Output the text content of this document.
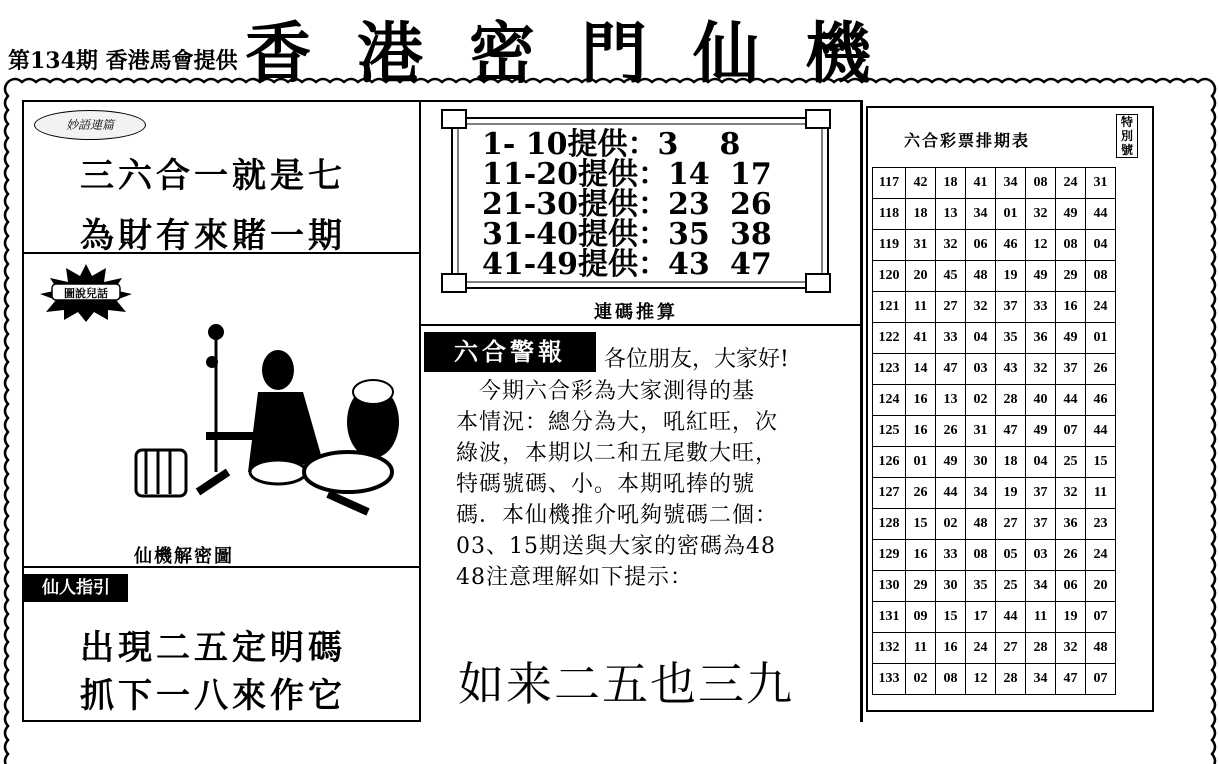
第134期 香港馬會提供 香港密門仙機
妙語連篇
三六合一就是七
為財有來賭一期
圖說兒話
仙機解密圖
仙人指引
出現二五定明碼
抓下一八來作它
1- 10提供：3 8
11-20提供：14 17
21-30提供：23 26
31-40提供：35 38
41-49提供：43 47
連碼推算
六合警報	各位朋友，大家好!
　今期六合彩為大家測得的基
本情況：總分為大，吼紅旺，次
綠波，本期以二和五尾數大旺，
特碼號碼、小。本期吼捧的號
碼．本仙機推介吼夠號碼二個：
03、15期送與大家的密碼為48
48注意理解如下提示：
如来二五也三九
六合彩票排期表
特別號
117	42	18	41	34	08	24	31
118	18	13	34	01	32	49	44
119	31	32	06	46	12	08	04
120	20	45	48	19	49	29	08
121	11	27	32	37	33	16	24
122	41	33	04	35	36	49	01
123	14	47	03	43	32	37	26
124	16	13	02	28	40	44	46
125	16	26	31	47	49	07	44
126	01	49	30	18	04	25	15
127	26	44	34	19	37	32	11
128	15	02	48	27	37	36	23
129	16	33	08	05	03	26	24
130	29	30	35	25	34	06	20
131	09	15	17	44	11	19	07
132	11	16	24	27	28	32	48
133	02	08	12	28	34	47	07
